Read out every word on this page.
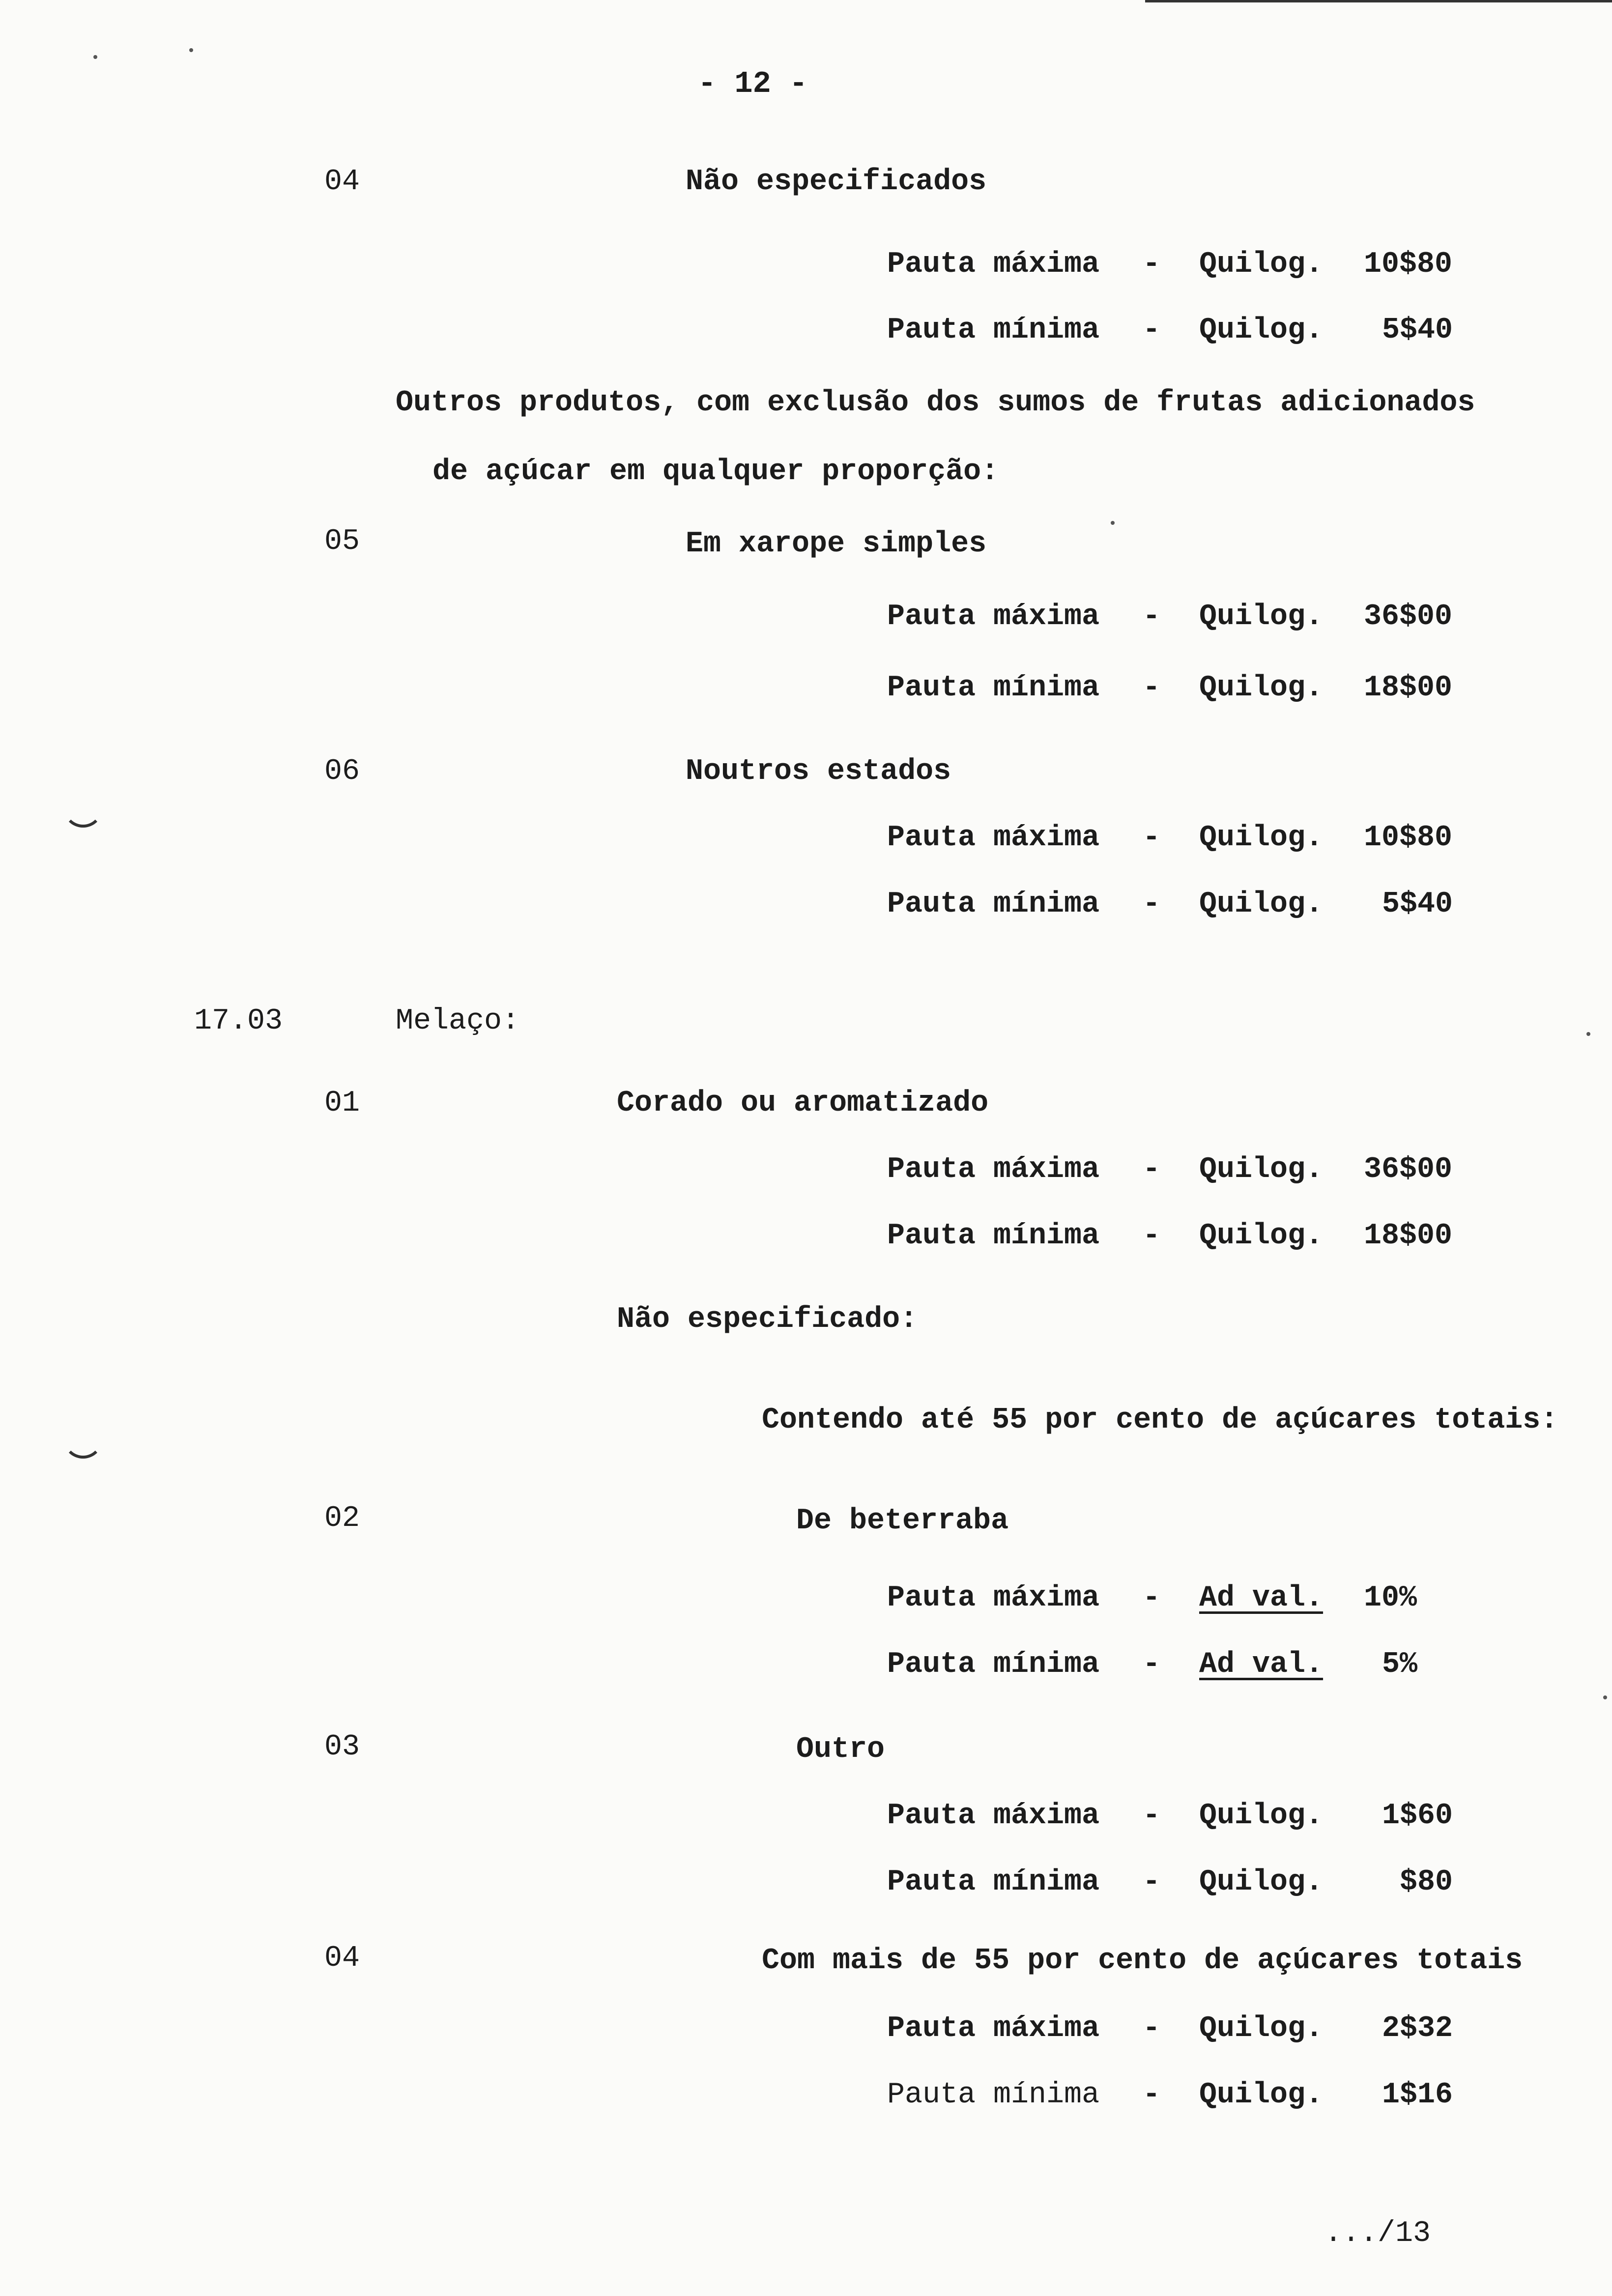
- 12 -
04	Não especificados
Pauta máxima - Quilog. 10$80
Pauta mínima - Quilog. 5$40
Outros produtos, com exclusão dos sumos de frutas adicionados
de açúcar em qualquer proporção:
05	Em xarope simples
Pauta máxima - Quilog. 36$00
Pauta mínima - Quilog. 18$00
06	Noutros estados
Pauta máxima - Quilog. 10$80
Pauta mínima - Quilog. 5$40
17.03	Melaço:
01	Corado ou aromatizado
Pauta máxima - Quilog. 36$00
Pauta mínima - Quilog. 18$00
Não especificado:
Contendo até 55 por cento de açúcares totais:
02	De beterraba
Pauta máxima - Ad val. 10%
Pauta mínima - Ad val. 5%
03	Outro
Pauta máxima - Quilog. 1$60
Pauta mínima - Quilog.	$80
04	Com mais de 55 por cento de açúcares totais
Pauta máxima - Quilog. 2$32
Pauta mínima - Quilog. 1$16
.../13
